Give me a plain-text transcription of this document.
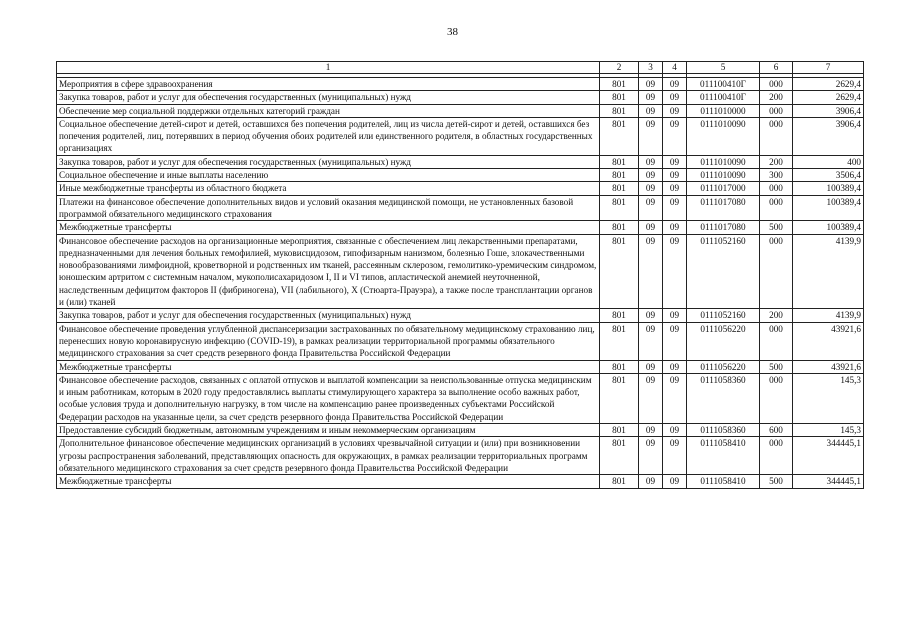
38
1	2	3	4	5	6	7

Мероприятия в сфере здравоохранения	801	09	09	011100410Г	000	2629,4
Закупка товаров, работ и услуг для обеспечения государственных (муниципальных) нужд	801	09	09	011100410Г	200	2629,4
Обеспечение мер социальной поддержки отдельных категорий граждан	801	09	09	0111010000	000	3906,4
Социальное обеспечение детей-сирот и детей, оставшихся без попечения родителей, лиц из числа детей-сирот и детей, оставшихся без попечения родителей, лиц, потерявших в период обучения обоих родителей или единственного родителя, в областных государственных организациях	801	09	09	0111010090	000	3906,4
Закупка товаров, работ и услуг для обеспечения государственных (муниципальных) нужд	801	09	09	0111010090	200	400
Социальное обеспечение и иные выплаты населению	801	09	09	0111010090	300	3506,4
Иные межбюджетные трансферты из областного бюджета	801	09	09	0111017000	000	100389,4
Платежи на финансовое обеспечение дополнительных видов и условий оказания медицинской помощи, не установленных базовой программой обязательного медицинского страхования	801	09	09	0111017080	000	100389,4
Межбюджетные трансферты	801	09	09	0111017080	500	100389,4
Финансовое обеспечение расходов на организационные мероприятия, связанные с обеспечением лиц лекарственными препаратами, предназначенными для лечения больных гемофилией, муковисцидозом, гипофизарным нанизмом, болезнью Гоше, злокачественными новообразованиями лимфоидной, кроветворной и родственных им тканей, рассеянным склерозом, гемолитико-уремическим синдромом, юношеским артритом с системным началом, мукополисахаридозом I, II и VI типов, апластической анемией неуточненной, наследственным дефицитом факторов II (фибриногена), VII (лабильного), X (Стюарта-Прауэра), а также после трансплантации органов и (или) тканей	801	09	09	0111052160	000	4139,9
Закупка товаров, работ и услуг для обеспечения государственных (муниципальных) нужд	801	09	09	0111052160	200	4139,9
Финансовое обеспечение проведения углубленной диспансеризации застрахованных по обязательному медицинскому страхованию лиц, перенесших новую коронавирусную инфекцию (COVID-19), в рамках реализации территориальной программы обязательного медицинского страхования за счет средств резервного фонда Правительства Российской Федерации	801	09	09	0111056220	000	43921,6
Межбюджетные трансферты	801	09	09	0111056220	500	43921,6
Финансовое обеспечение расходов, связанных с оплатой отпусков и выплатой компенсации за неиспользованные отпуска медицинским и иным работникам, которым в 2020 году предоставлялись выплаты стимулирующего характера за выполнение особо важных работ, особые условия труда и дополнительную нагрузку, в том числе на компенсацию ранее произведенных субъектами Российской Федерации расходов на указанные цели, за счет средств резервного фонда Правительства Российской Федерации	801	09	09	0111058360	000	145,3
Предоставление субсидий бюджетным, автономным учреждениям и иным некоммерческим организациям	801	09	09	0111058360	600	145,3
Дополнительное финансовое обеспечение медицинских организаций в условиях чрезвычайной ситуации и (или) при возникновении угрозы распространения заболеваний, представляющих опасность для окружающих, в рамках реализации территориальных программ обязательного медицинского страхования за счет средств резервного фонда Правительства Российской Федерации	801	09	09	0111058410	000	344445,1
Межбюджетные трансферты	801	09	09	0111058410	500	344445,1
